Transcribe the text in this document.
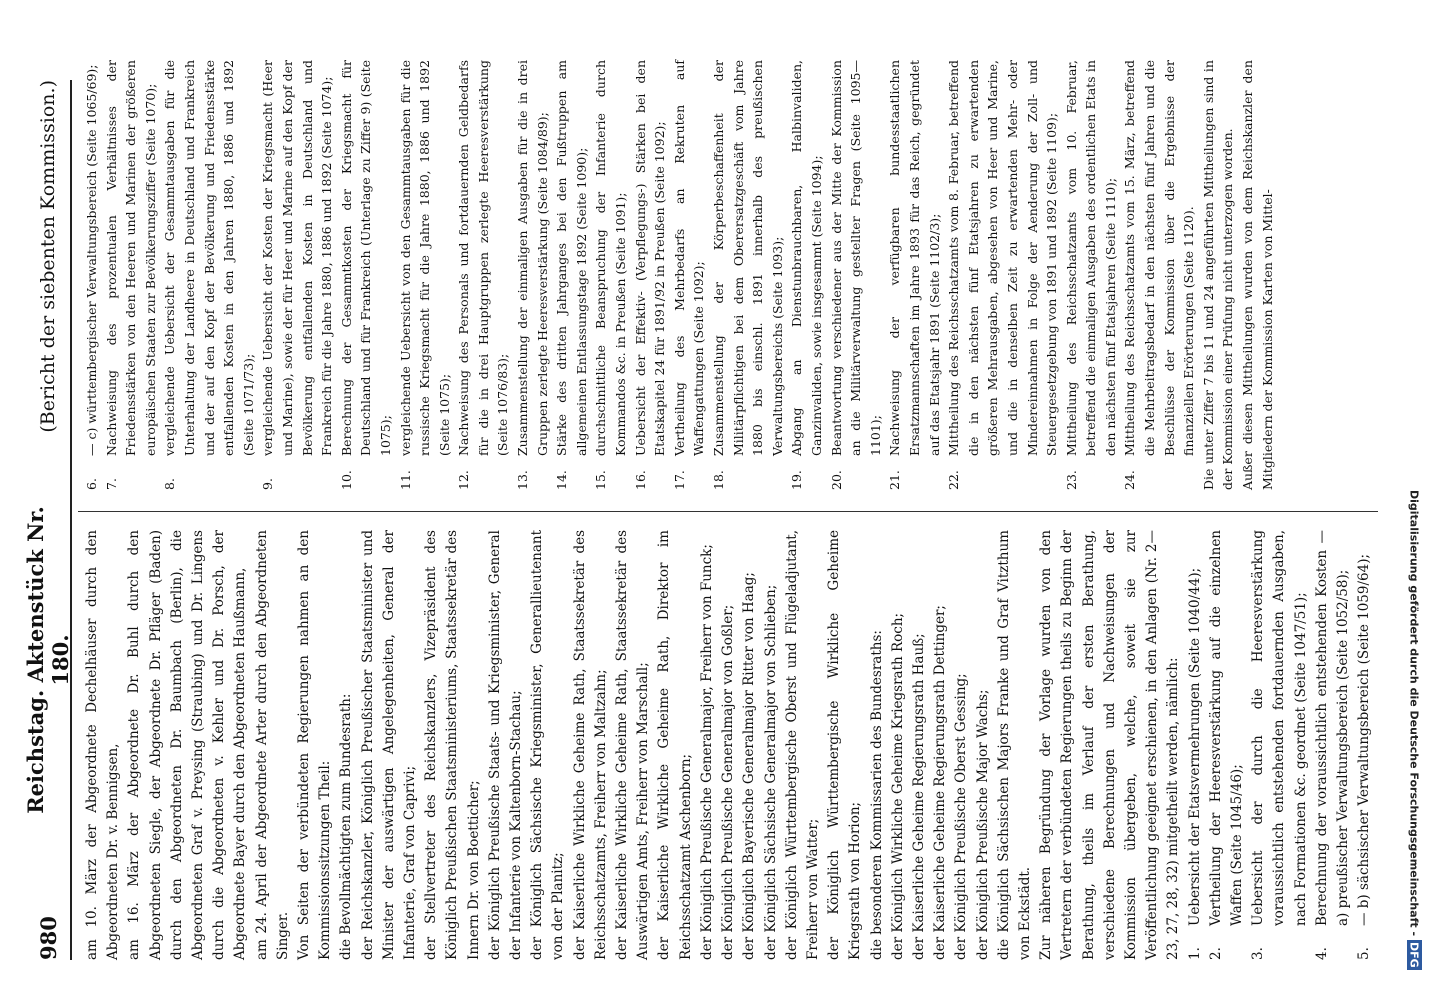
980
Reichstag. Aktenstück Nr. 180.
(Bericht der siebenten Kommission.)

am 10. März der Abgeordnete Dechelhäuser durch den Abgeordneten Dr. v. Bennigsen, am 16. März der Abgeordnete Dr. Buhl durch den Abgeordneten Siegle, der Abgeordnete Dr. Pfläger (Baden) durch den Abgeordneten Dr. Baumbach (Berlin), die Abgeordneten Graf v. Preysing (Straubing) und Dr. Lingens durch die Abgeordneten v. Kehler und Dr. Porsch, der Abgeordnete Bayer durch den Abgeordneten Haußmann, am 24. April der Abgeordnete Arter durch den Abgeordneten Singer. Von Seiten der verbündeten Regierungen nahmen an den Kommissionssitzungen Theil: die Bevollmächtigten zum Bundesrath: der Reichskanzler, Königlich Preußischer Staatsminister und Minister der auswärtigen Angelegenheiten, General der Infanterie, Graf von Caprivi; der Stellvertreter des Reichskanzlers, Vizepräsident des Königlich Preußischen Staatsministeriums, Staatssekretär des Innern Dr. von Boetticher; der Königlich Preußische Staats- und Kriegsminister, General der Infanterie von Kaltenborn-Stachau; der Königlich Sächsische Kriegsminister, Generallieutenant von der Planitz; der Kaiserliche Wirkliche Geheime Rath, Staatssekretär des Reichsschatzamts, Freiherr von Maltzahn; der Kaiserliche Wirkliche Geheime Rath, Staatssekretär des Auswärtigen Amts, Freiherr von Marschall; der Kaiserliche Wirkliche Geheime Rath, Direktor im Reichsschatzamt Aschenborn; der Königlich Preußische Generalmajor, Freiherr von Funck; der Königlich Preußische Generalmajor von Goßler; der Königlich Bayerische Generalmajor Ritter von Haag; der Königlich Sächsische Generalmajor von Schlieben; der Königlich Württembergische Oberst und Flügeladjutant, Freiherr von Watter; der Königlich Württembergische Wirkliche Geheime Kriegsrath von Horion; die besonderen Kommissarien des Bundesraths: der Königlich Wirkliche Geheime Kriegsrath Roch; der Kaiserliche Geheime Regierungsrath Hauß; der Kaiserliche Geheime Regierungsrath Dettinger; der Königlich Preußische Oberst Gessing; der Königlich Preußische Major Wachs; die Königlich Sächsischen Majors Franke und Graf Vitzthum von Eckstädt. Zur näheren Begründung der Vorlage wurden von den Vertretern der verbündeten Regierungen theils zu Beginn der Berathung, theils im Verlauf der ersten Berathung, verschiedene Berechnungen und Nachweisungen der Kommission übergeben, welche, soweit sie zur Veröffentlichung geeignet erschienen, in den Anlagen (Nr. 2—23, 27, 28, 32) mitgetheilt werden, nämlich: 1.
Uebersicht der Etatsvermehrungen (Seite 1040/44);
2.
Vertheilung der Heeresverstärkung auf die einzelnen Waffen (Seite 1045/46);
3.
Uebersicht der durch die Heeresverstärkung voraussichtlich entstehenden fortdauernden Ausgaben, nach Formationen &c. geordnet (Seite 1047/51);
4.
Berechnung der voraussichtlich entstehenden Kosten — a) preußischer Verwaltungsbereich (Seite 1052/58);
5.
— b) sächsischer Verwaltungsbereich (Seite 1059/64);
6.
— c) württembergischer Verwaltungsbereich (Seite 1065/69);
7.
Nachweisung des prozentualen Verhältnisses der Friedensstärken von den Heeren und Marinen der größeren europäischen Staaten zur Bevölkerungsziffer (Seite 1070);
8.
vergleichende Uebersicht der Gesammtausgaben für die Unterhaltung der Landheere in Deutschland und Frankreich und der auf den Kopf der Bevölkerung und Friedensstärke entfallenden Kosten in den Jahren 1880, 1886 und 1892 (Seite 1071/73);
9.
vergleichende Uebersicht der Kosten der Kriegsmacht (Heer und Marine), sowie der für Heer und Marine auf den Kopf der Bevölkerung entfallenden Kosten in Deutschland und Frankreich für die Jahre 1880, 1886 und 1892 (Seite 1074);
10.
Berechnung der Gesammtkosten der Kriegsmacht für Deutschland und für Frankreich (Unterlage zu Ziffer 9) (Seite 1075);
11.
vergleichende Uebersicht von den Gesammtausgaben für die russische Kriegsmacht für die Jahre 1880, 1886 und 1892 (Seite 1075);
12.
Nachweisung des Personals und fortdauernden Geldbedarfs für die in drei Hauptgruppen zerlegte Heeresverstärkung (Seite 1076/83);
13.
Zusammenstellung der einmaligen Ausgaben für die in drei Gruppen zerlegte Heeresverstärkung (Seite 1084/89);
14.
Stärke des dritten Jahrganges bei den Fußtruppen am allgemeinen Entlassungstage 1892 (Seite 1090);
15.
durchschnittliche Beanspruchung der Infanterie durch Kommandos &c. in Preußen (Seite 1091);
16.
Uebersicht der Effektiv- (Verpflegungs-) Stärken bei den Etatskapitel 24 für 1891/92 in Preußen (Seite 1092);
17.
Vertheilung des Mehrbedarfs an Rekruten auf Waffengattungen (Seite 1092);
18.
Zusammenstellung der Körperbeschaffenheit der Militärpflichtigen bei dem Oberersatzgeschäft vom Jahre 1880 bis einschl. 1891 innerhalb des preußischen Verwaltungsbereichs (Seite 1093);
19.
Abgang an Dienstunbrauchbaren, Halbinvaliden, Ganzinvaliden, sowie insgesammt (Seite 1094);
20.
Beantwortung verschiedener aus der Mitte der Kommission an die Militärverwaltung gestellter Fragen (Seite 1095—1101);
21.
Nachweisung der verfügbaren bundesstaatlichen Ersatzmannschaften im Jahre 1893 für das Reich, gegründet auf das Etatsjahr 1891 (Seite 1102/3);
22.
Mittheilung des Reichsschatzamts vom 8. Februar, betreffend die in den nächsten fünf Etatsjahren zu erwartenden größeren Mehrausgaben, abgesehen von Heer und Marine, und die in denselben Zeit zu erwartenden Mehr- oder Mindereinnahmen in Folge der Aenderung der Zoll- und Steuergesetzgebung von 1891 und 1892 (Seite 1109);
23.
Mittheilung des Reichsschatzamts vom 10. Februar, betreffend die einmaligen Ausgaben des ordentlichen Etats in den nächsten fünf Etatsjahren (Seite 1110);
24.
Mittheilung des Reichsschatzamts vom 15. März, betreffend die Mehrbeitragsbedarf in den nächsten fünf Jahren und die Beschlüsse der Kommission über die Ergebnisse der finanziellen Erörterungen (Seite 1120). Die unter Ziffer 7 bis 11 und 24 angeführten Mittheilungen sind in der Kommission einer Prüfung nicht unterzogen worden. Außer diesen Mittheilungen wurden von dem Reichskanzler den Mitgliedern der Kommission Karten von Mittel-

Digitalisierung gefördert durch die Deutsche Forschungsgemeinschaft -
DFG
